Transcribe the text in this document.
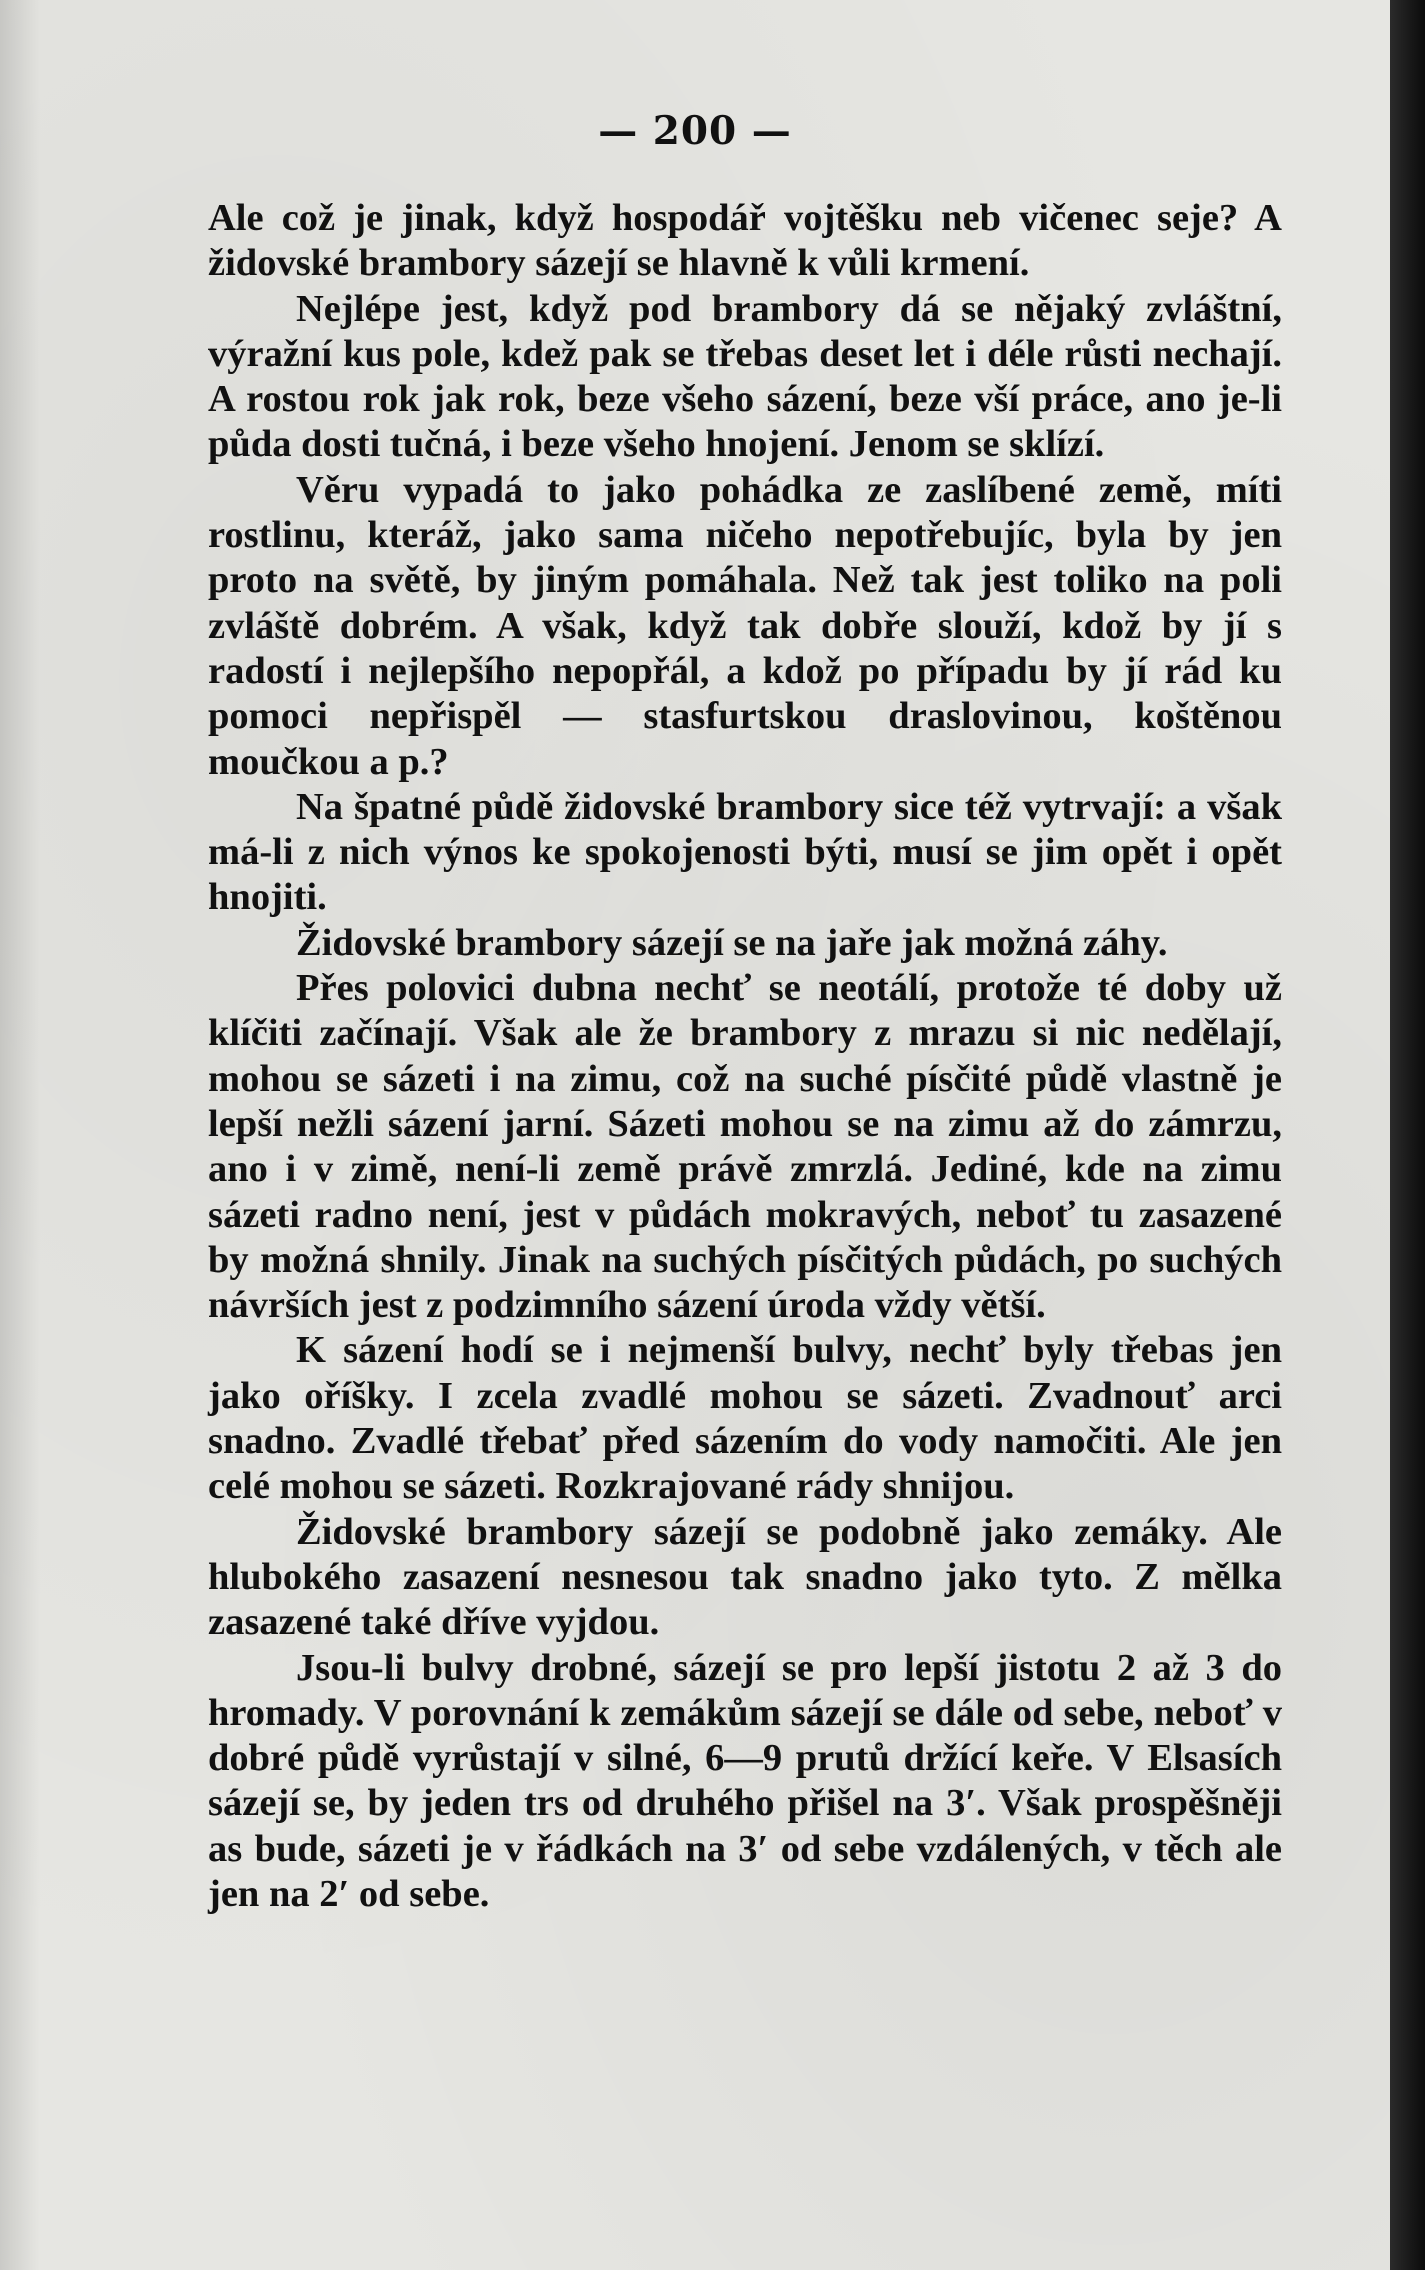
— 200 —

Ale což je jinak, když hospodář vojtěšku neb vičenec seje? A židovské brambory sázejí se hlavně k vůli krmení.

Nejlépe jest, když pod brambory dá se nějaký zvláštní, výražní kus pole, kdež pak se třebas deset let i déle růsti nechají. A rostou rok jak rok, beze všeho sázení, beze vší práce, ano je-li půda dosti tučná, i beze všeho hnojení. Jenom se sklízí.

Věru vypadá to jako pohádka ze zaslíbené země, míti rostlinu, kteráž, jako sama ničeho nepotřebujíc, byla by jen proto na světě, by jiným pomáhala. Než tak jest toliko na poli zvláště dobrém. A však, když tak dobře slouží, kdož by jí s radostí i nejlepšího nepopřál, a kdož po případu by jí rád ku pomoci nepřispěl — stasfurtskou draslovinou, koštěnou moučkou a p.?

Na špatné půdě židovské brambory sice též vytrvají: a však má-li z nich výnos ke spokojenosti býti, musí se jim opět i opět hnojiti.

Židovské brambory sázejí se na jaře jak možná záhy.

Přes polovici dubna nechť se neotálí, protože té doby už klíčiti začínají. Však ale že brambory z mrazu si nic nedělají, mohou se sázeti i na zimu, což na suché písčité půdě vlastně je lepší nežli sázení jarní. Sázeti mohou se na zimu až do zámrzu, ano i v zimě, není-li země právě zmrzlá. Jediné, kde na zimu sázeti radno není, jest v půdách mokravých, neboť tu zasazené by možná shnily. Jinak na suchých písčitých půdách, po suchých návrších jest z podzimního sázení úroda vždy větší.

K sázení hodí se i nejmenší bulvy, nechť byly třebas jen jako oříšky. I zcela zvadlé mohou se sázeti. Zvadnouť arci snadno. Zvadlé třebať před sázením do vody namočiti. Ale jen celé mohou se sázeti. Rozkrajované rády shnijou.

Židovské brambory sázejí se podobně jako zemáky. Ale hlubokého zasazení nesnesou tak snadno jako tyto. Z mělka zasazené také dříve vyjdou.

Jsou-li bulvy drobné, sázejí se pro lepší jistotu 2 až 3 do hromady. V porovnání k zemákům sázejí se dále od sebe, neboť v dobré půdě vyrůstají v silné, 6—9 prutů držící keře. V Elsasích sázejí se, by jeden trs od druhého přišel na 3′. Však prospěšněji as bude, sázeti je v řádkách na 3′ od sebe vzdálených, v těch ale jen na 2′ od sebe.
